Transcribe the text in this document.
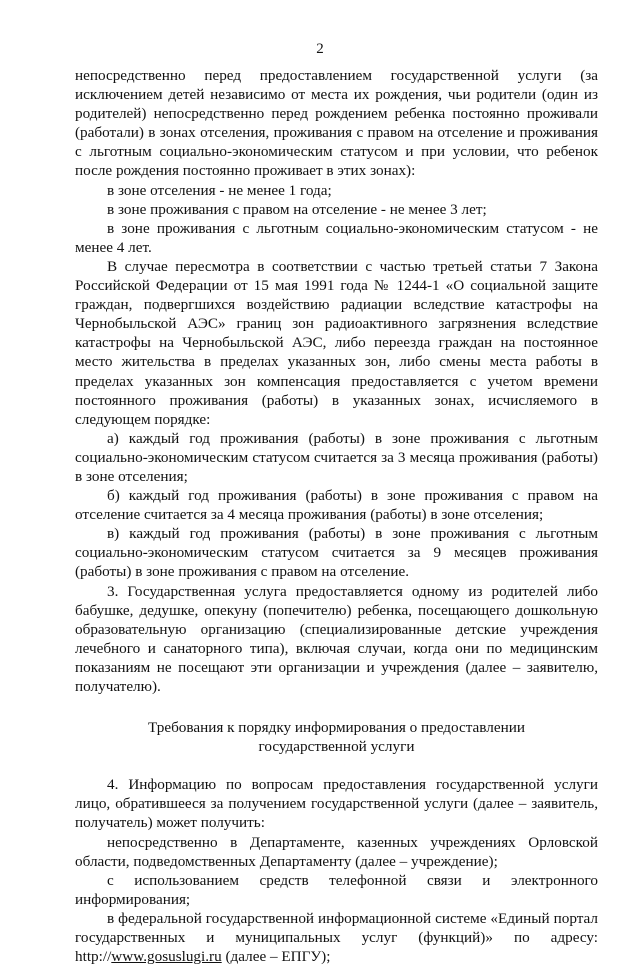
2

непосредственно перед предоставлением государственной услуги (за исключением детей независимо от места их рождения, чьи родители (один из родителей) непосредственно перед рождением ребенка постоянно проживали (работали) в зонах отселения, проживания с правом на отселение и проживания с льготным социально-экономическим статусом и при условии, что ребенок после рождения постоянно проживает в этих зонах):

в зоне отселения - не менее 1 года;

в зоне проживания с правом на отселение - не менее 3 лет;

в зоне проживания с льготным социально-экономическим статусом - не менее 4 лет.

В случае пересмотра в соответствии с частью третьей статьи 7 Закона Российской Федерации от 15 мая 1991 года № 1244-1 «О социальной защите граждан, подвергшихся воздействию радиации вследствие катастрофы на Чернобыльской АЭС» границ зон радиоактивного загрязнения вследствие катастрофы на Чернобыльской АЭС, либо переезда граждан на постоянное место жительства в пределах указанных зон, либо смены места работы в пределах указанных зон компенсация предоставляется с учетом времени постоянного проживания (работы) в указанных зонах, исчисляемого в следующем порядке:

а) каждый год проживания (работы) в зоне проживания с льготным социально-экономическим статусом считается за 3 месяца проживания (работы) в зоне отселения;

б) каждый год проживания (работы) в зоне проживания с правом на отселение считается за 4 месяца проживания (работы) в зоне отселения;

в) каждый год проживания (работы) в зоне проживания с льготным социально-экономическим статусом считается за 9 месяцев проживания (работы) в зоне проживания с правом на отселение.

3. Государственная услуга предоставляется одному из родителей либо бабушке, дедушке, опекуну (попечителю) ребенка, посещающего дошкольную образовательную организацию (специализированные детские учреждения лечебного и санаторного типа), включая случаи, когда они по медицинским показаниям не посещают эти организации и учреждения (далее – заявителю, получателю).

Требования к порядку информирования о предоставлении государственной услуги

4. Информацию по вопросам предоставления государственной услуги лицо, обратившееся за получением государственной услуги (далее – заявитель, получатель) может получить:

непосредственно в Департаменте, казенных учреждениях Орловской области, подведомственных Департаменту (далее – учреждение);

с использованием средств телефонной связи и электронного информирования;

в федеральной государственной информационной системе «Единый портал государственных и муниципальных услуг (функций)» по адресу: http://www.gosuslugi.ru (далее – ЕПГУ);
